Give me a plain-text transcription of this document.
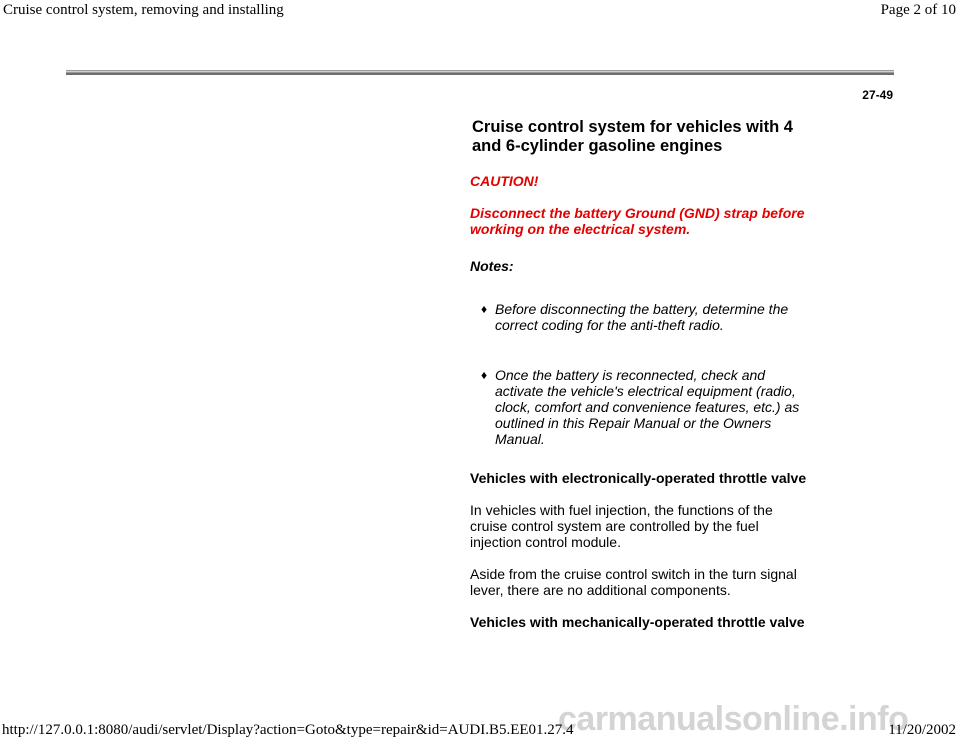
Cruise control system, removing and installing	Page 2 of 10
27-49
Cruise control system for vehicles with 4 and 6-cylinder gasoline engines
CAUTION!
Disconnect the battery Ground (GND) strap before working on the electrical system.
Notes:
♦ Before disconnecting the battery, determine the correct coding for the anti-theft radio.
♦ Once the battery is reconnected, check and activate the vehicle's electrical equipment (radio, clock, comfort and convenience features, etc.) as outlined in this Repair Manual or the Owners Manual.
Vehicles with electronically-operated throttle valve
In vehicles with fuel injection, the functions of the cruise control system are controlled by the fuel injection control module.
Aside from the cruise control switch in the turn signal lever, there are no additional components.
Vehicles with mechanically-operated throttle valve
carmanualsonline.info
http://127.0.0.1:8080/audi/servlet/Display?action=Goto&type=repair&id=AUDI.B5.EE01.27.4	11/20/2002
